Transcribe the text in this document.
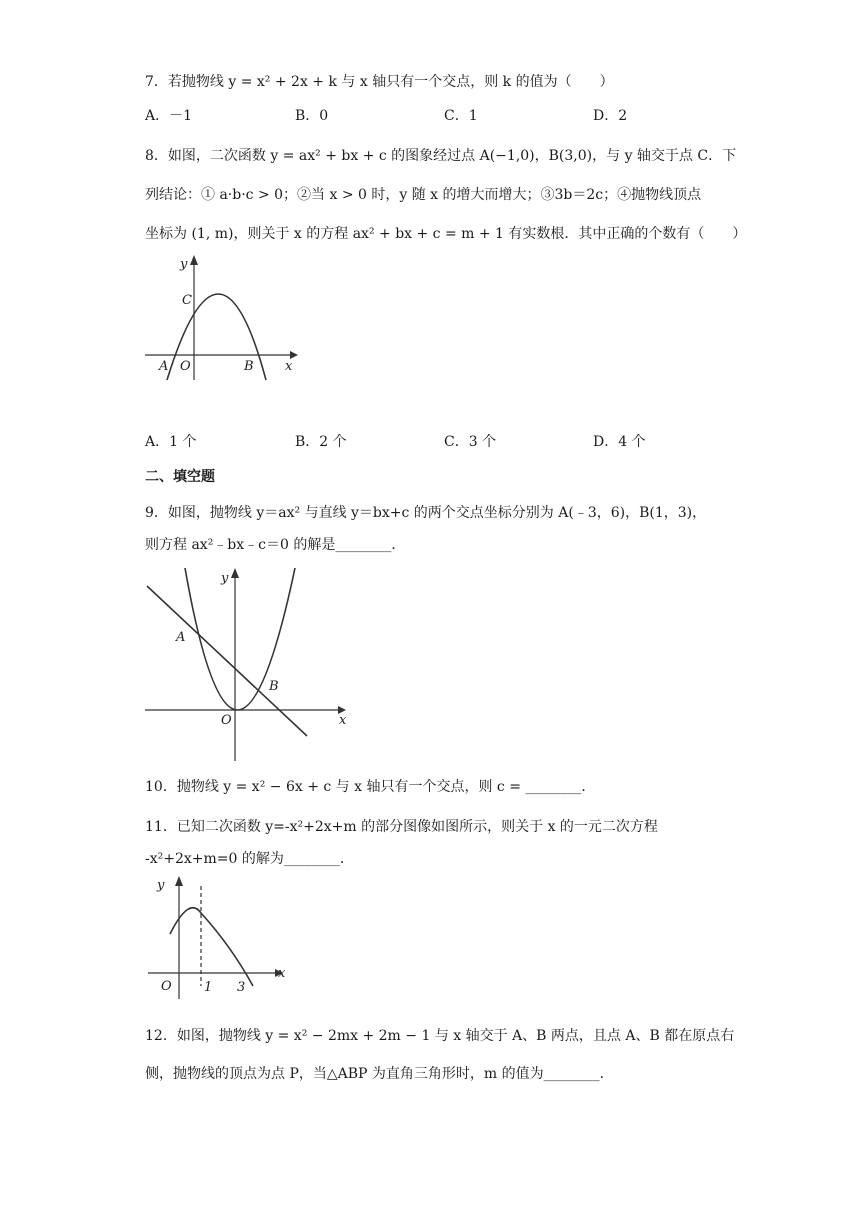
7．若抛物线 y = x² + 2x + k 与 x 轴只有一个交点，则 k 的值为（　　）
A．－1	B．0	C．1	D．2
8．如图，二次函数 y = ax² + bx + c 的图象经过点 A(−1,0)，B(3,0)，与 y 轴交于点 C．下
列结论：① a·b·c > 0；②当 x > 0 时，y 随 x 的增大而增大；③3b＝2c；④抛物线顶点
坐标为 (1, m)，则关于 x 的方程 ax² + bx + c = m + 1 有实数根．其中正确的个数有（　　）
y
C
A O	B x
A．1 个	B．2 个	C．3 个	D．4 个
二、填空题
9．如图，抛物线 y＝ax² 与直线 y＝bx+c 的两个交点坐标分别为 A(﹣3，6)，B(1，3)，
则方程 ax²﹣bx﹣c＝0 的解是________．
y
A
B
O	x
10．抛物线 y = x² − 6x + c 与 x 轴只有一个交点，则 c = ________．
11．已知二次函数 y=-x²+2x+m 的部分图像如图所示，则关于 x 的一元二次方程
-x²+2x+m=0 的解为________．
y
O 1 3
x
12．如图，抛物线 y = x² − 2mx + 2m − 1 与 x 轴交于 A、B 两点，且点 A、B 都在原点右
侧，抛物线的顶点为点 P，当△ABP 为直角三角形时，m 的值为________．
